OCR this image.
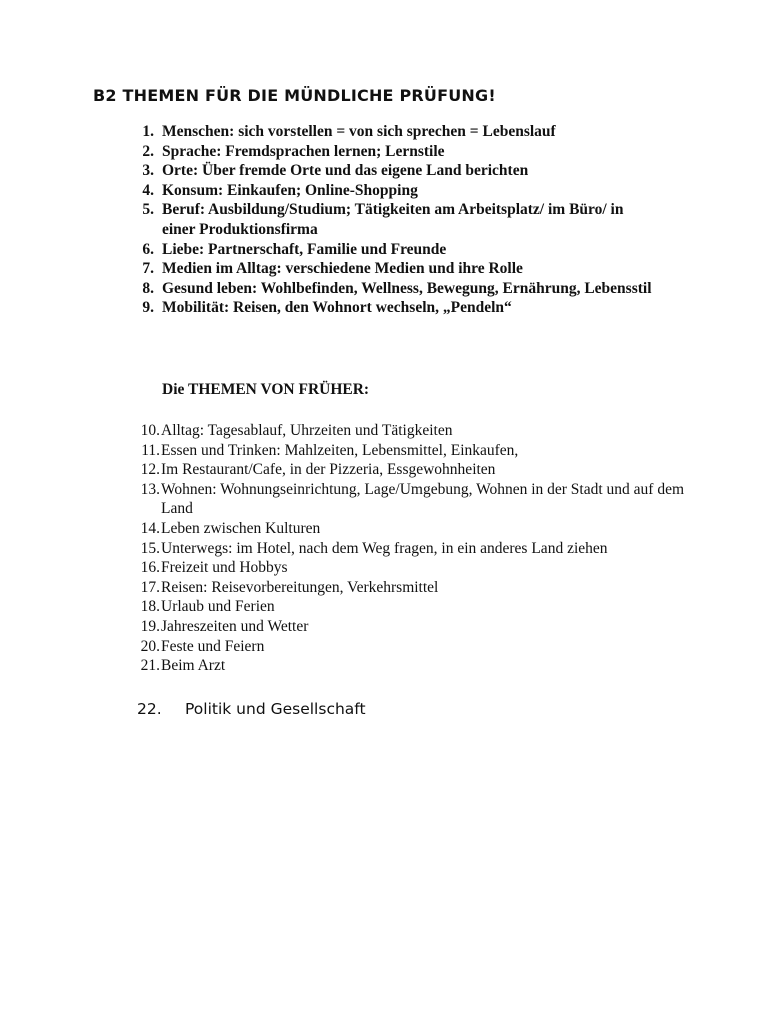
B2 THEMEN FÜR DIE MÜNDLICHE PRÜFUNG!
1. Menschen: sich vorstellen = von sich sprechen = Lebenslauf
2. Sprache: Fremdsprachen lernen; Lernstile
3. Orte: Über fremde Orte und das eigene Land berichten
4. Konsum: Einkaufen; Online-Shopping
5. Beruf: Ausbildung/Studium; Tätigkeiten am Arbeitsplatz/ im Büro/ in einer Produktionsfirma
6. Liebe: Partnerschaft, Familie und Freunde
7. Medien im Alltag: verschiedene Medien und ihre Rolle
8. Gesund leben: Wohlbefinden, Wellness, Bewegung, Ernährung, Lebensstil
9. Mobilität: Reisen, den Wohnort wechseln, „Pendeln“
Die THEMEN VON FRÜHER:
10. Alltag: Tagesablauf, Uhrzeiten und Tätigkeiten
11. Essen und Trinken: Mahlzeiten, Lebensmittel, Einkaufen,
12. Im Restaurant/Cafe, in der Pizzeria, Essgewohnheiten
13. Wohnen: Wohnungseinrichtung, Lage/Umgebung, Wohnen in der Stadt und auf dem Land
14. Leben zwischen Kulturen
15. Unterwegs: im Hotel, nach dem Weg fragen, in ein anderes Land ziehen
16. Freizeit und Hobbys
17. Reisen: Reisevorbereitungen, Verkehrsmittel
18. Urlaub und Ferien
19. Jahreszeiten und Wetter
20. Feste und Feiern
21. Beim Arzt
22. Politik und Gesellschaft
